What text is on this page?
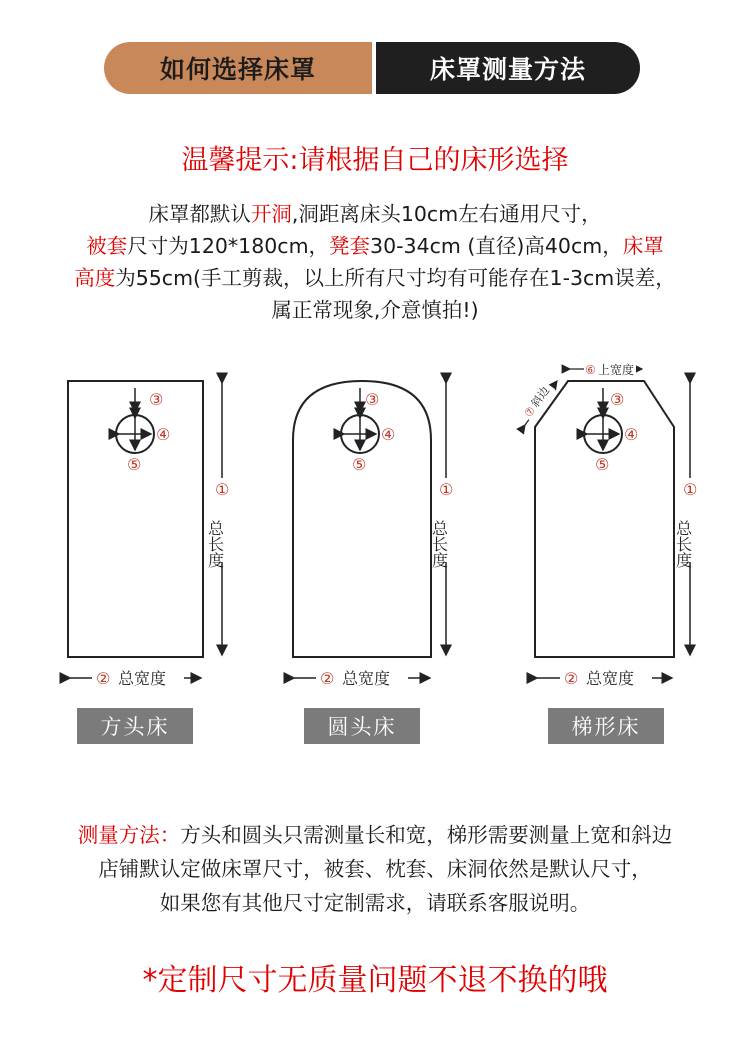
如何选择床罩	床罩测量方法
温馨提示:请根据自己的床形选择
床罩都默认开洞,洞距离床头10cm左右通用尺寸，
被套尺寸为120*180cm，凳套30-34cm (直径)高40cm，床罩
高度为55cm(手工剪裁，以上所有尺寸均有可能存在1-3cm误差，
属正常现象,介意慎拍!)
③
④
⑤
①
总长度
② 总宽度
③
④
⑤
①
总长度
② 总宽度
⑥ 上宽度
⑦
斜边	③
④
⑤
①
总长度
② 总宽度
方头床	圆头床	梯形床
测量方法：方头和圆头只需测量长和宽，梯形需要测量上宽和斜边
店铺默认定做床罩尺寸，被套、枕套、床洞依然是默认尺寸，
如果您有其他尺寸定制需求，请联系客服说明。
*定制尺寸无质量问题不退不换的哦
